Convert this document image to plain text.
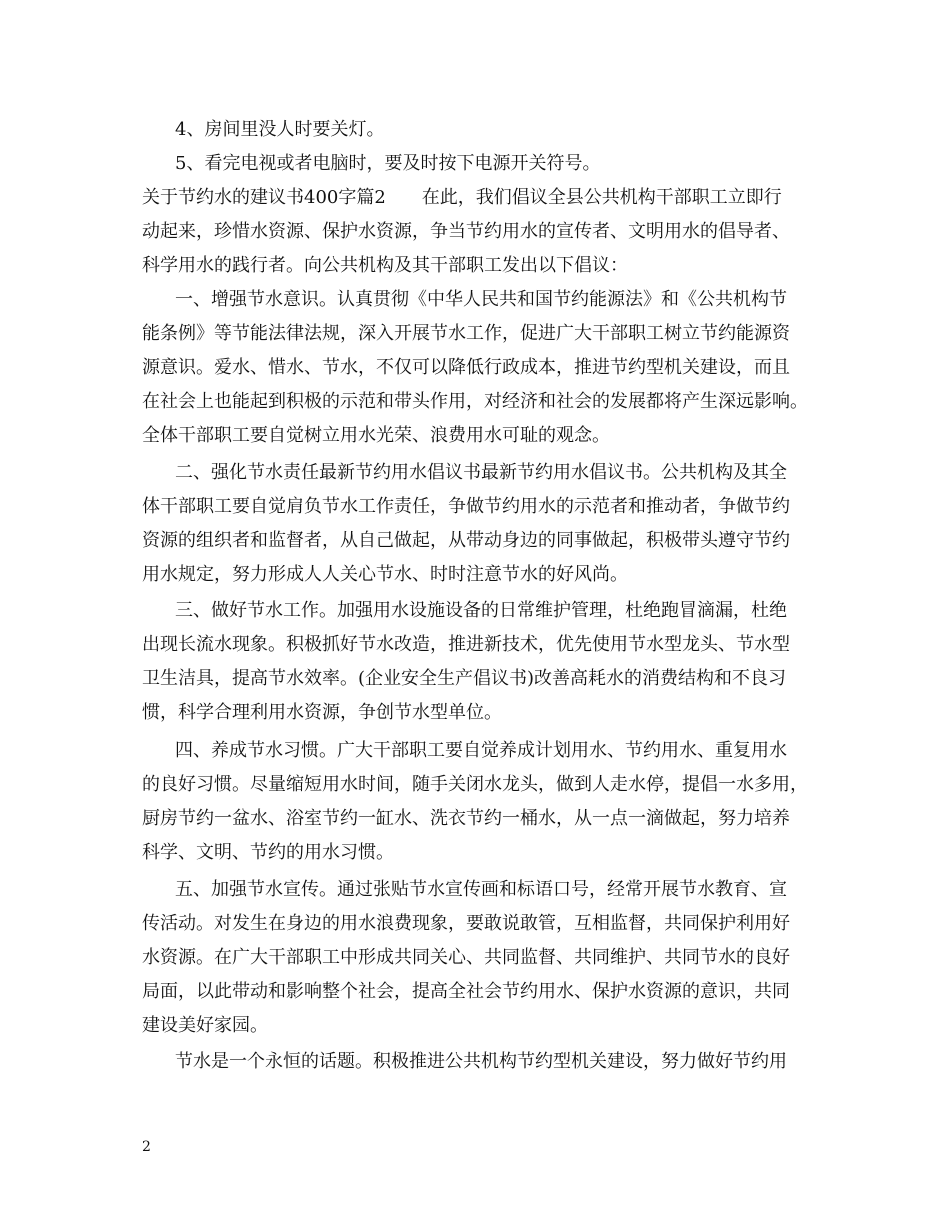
4、房间里没人时要关灯。
5、看完电视或者电脑时，要及时按下电源开关符号。
关于节约水的建议书400字篇2　　在此，我们倡议全县公共机构干部职工立即行
动起来，珍惜水资源、保护水资源，争当节约用水的宣传者、文明用水的倡导者、
科学用水的践行者。向公共机构及其干部职工发出以下倡议：
一、增强节水意识。认真贯彻《中华人民共和国节约能源法》和《公共机构节
能条例》等节能法律法规，深入开展节水工作，促进广大干部职工树立节约能源资
源意识。爱水、惜水、节水，不仅可以降低行政成本，推进节约型机关建设，而且
在社会上也能起到积极的示范和带头作用，对经济和社会的发展都将产生深远影响。
全体干部职工要自觉树立用水光荣、浪费用水可耻的观念。
二、强化节水责任最新节约用水倡议书最新节约用水倡议书。公共机构及其全
体干部职工要自觉肩负节水工作责任，争做节约用水的示范者和推动者，争做节约
资源的组织者和监督者，从自己做起，从带动身边的同事做起，积极带头遵守节约
用水规定，努力形成人人关心节水、时时注意节水的好风尚。
三、做好节水工作。加强用水设施设备的日常维护管理，杜绝跑冒滴漏，杜绝
出现长流水现象。积极抓好节水改造，推进新技术，优先使用节水型龙头、节水型
卫生洁具，提高节水效率。(企业安全生产倡议书)改善高耗水的消费结构和不良习
惯，科学合理利用水资源，争创节水型单位。
四、养成节水习惯。广大干部职工要自觉养成计划用水、节约用水、重复用水
的良好习惯。尽量缩短用水时间，随手关闭水龙头，做到人走水停，提倡一水多用，
厨房节约一盆水、浴室节约一缸水、洗衣节约一桶水，从一点一滴做起，努力培养
科学、文明、节约的用水习惯。
五、加强节水宣传。通过张贴节水宣传画和标语口号，经常开展节水教育、宣
传活动。对发生在身边的用水浪费现象，要敢说敢管，互相监督，共同保护利用好
水资源。在广大干部职工中形成共同关心、共同监督、共同维护、共同节水的良好
局面，以此带动和影响整个社会，提高全社会节约用水、保护水资源的意识，共同
建设美好家园。
节水是一个永恒的话题。积极推进公共机构节约型机关建设，努力做好节约用
2
